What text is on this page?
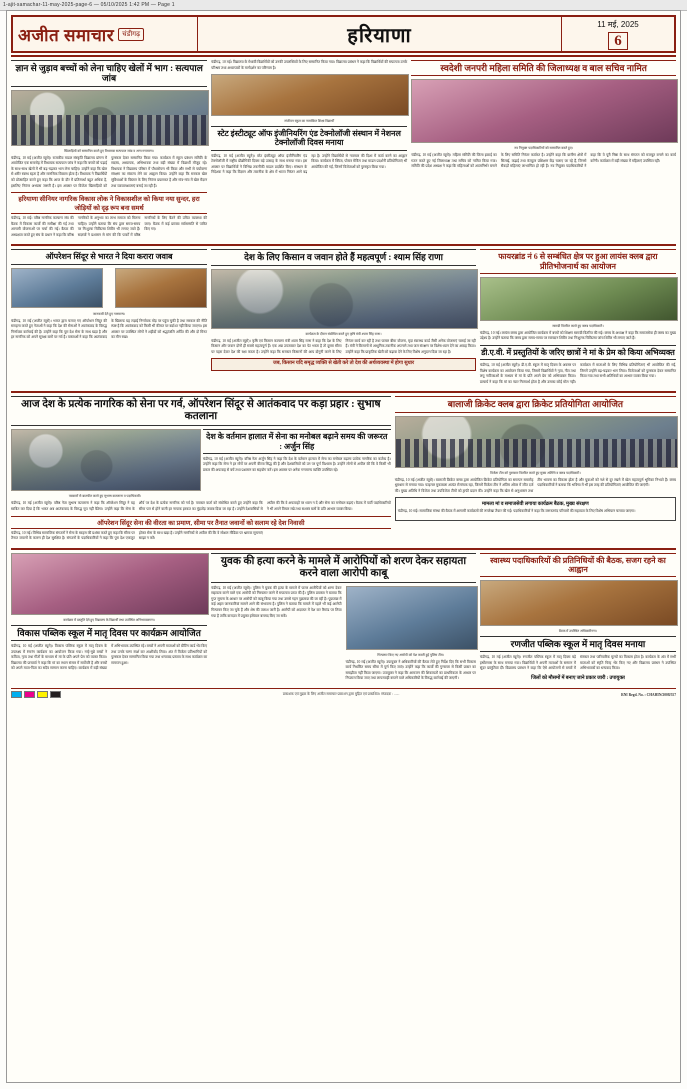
1-ajit-samachar-11-may-2025-page-6 — 05/10/2025 1:42 PM — Page 1
अजीत समाचार	चंडीगढ़	हरियाणा
11 मई, 2025
6
ज्ञान से जुड़ाव बच्चों को लेना चाहिए खेलों में भाग : सत्यपाल जांब
खिलाड़ियों को सम्मानित करते हुए विधायक सत्यपाल जांब व अन्य गणमान्य।
चंडीगढ़, 10 मई (अजीत ब्यूरो)। राजकीय माडल संस्कृति विद्यालय प्रांगण में आयोजित एक समारोह में विधायक सत्यपाल जांब ने कहा कि बच्चों को पढ़ाई के साथ-साथ खेलों में भी बढ़-चढ़कर भाग लेना चाहिए। उन्होंने कहा कि खेल से शरीर स्वस्थ रहता है और मानसिक विकास होता है। विधायक ने विद्यार्थियों को प्रोत्साहित करते हुए कहा कि आज के दौर में प्रतिस्पर्धा बहुत अधिक है, इसलिए निरंतर अभ्यास जरूरी है। इस अवसर पर विजेता खिलाड़ियों को पुरस्कार देकर सम्मानित किया गया। कार्यक्रम में स्कूल प्रबंधन समिति के सदस्य, अध्यापक, अभिभावक तथा बड़ी संख्या में विद्यार्थी मौजूद रहे। विधायक ने विद्यालय परिसर में पौधारोपण भी किया और सभी से पर्यावरण संरक्षण का संकल्प लेने का आह्वान किया। उन्होंने कहा कि सरकार खेल सुविधाओं के विस्तार के लिए निरंतर प्रयासरत है और गांव-गांव में खेल मैदान तथा व्यायामशालाएं बनाई जा रही हैं।
हरियाणा सीनियर नागरिक विकास लोक ने विकासशील को किया नया सुन्दर, हरा जोड़ियों को दृढ़ रूप बना समर्थ
चंडीगढ़, 10 मई। वरिष्ठ नागरिक कल्याण संघ की बैठक में विकास कार्यों की समीक्षा की गई तथा आगामी योजनाओं पर चर्चा की गई। बैठक की अध्यक्षता करते हुए संघ के प्रधान ने कहा कि वरिष्ठ नागरिकों के अनुभव का लाभ समाज को मिलना चाहिए। उन्होंने बताया कि संघ द्वारा समय-समय पर निःशुल्क चिकित्सा शिविर भी लगाए जाते हैं। सदस्यों ने प्रशासन से मांग की कि पार्कों में वरिष्ठ नागरिकों के लिए बैठने की उचित व्यवस्था की जाए। बैठक में कई प्रस्ताव सर्वसम्मति से पारित किए गए।
चंडीगढ़, 10 मई। विद्यालय के मेधावी विद्यार्थियों को उनकी उपलब्धियों के लिए सम्मानित किया गया। विद्यालय प्रबंधन ने कहा कि विद्यार्थियों की सफलता उनके परिश्रम तथा अध्यापकों के मार्गदर्शन का परिणाम है।
संजीवन स्कूल का नामांकित शिक्षा विद्यार्थी
स्टेट इंस्टीट्यूट ऑफ इंजीनियरिंग एंड टेक्नोलॉजी संस्थान में नेशनल टेक्नोलॉजी दिवस मनाया
चंडीगढ़, 10 मई (अजीत ब्यूरो)। स्टेट इंस्टीट्यूट ऑफ इंजीनियरिंग एंड टेक्नोलॉजी में राष्ट्रीय प्रौद्योगिकी दिवस बड़े उत्साह के साथ मनाया गया। इस अवसर पर विद्यार्थियों ने विभिन्न तकनीकी माडल प्रदर्शित किए। संस्थान के निदेशक ने कहा कि विज्ञान और तकनीक के क्षेत्र में भारत निरंतर आगे बढ़ रहा है। उन्होंने विद्यार्थियों से नवाचार की दिशा में कार्य करने का आह्वान किया। कार्यक्रम में क्विज, पोस्टर मेकिंग तथा माडल प्रदर्शनी प्रतियोगिताएं भी आयोजित की गईं, जिनमें विजेताओं को पुरस्कृत किया गया।
स्वदेशी जनपरी महिला समिति की जिलाध्यक्ष व बाल सचिव नामित
नव नियुक्त पदाधिकारियों को सम्मानित करते हुए।
चंडीगढ़, 10 मई (अजीत ब्यूरो)। महिला समिति की जिला इकाई का गठन करते हुए नई जिलाध्यक्ष तथा सचिव को नामित किया गया। समिति की प्रदेश अध्यक्ष ने कहा कि महिलाओं को आत्मनिर्भर बनाने के लिए समिति निरंतर कार्यरत है। उन्होंने कहा कि ग्रामीण क्षेत्रों में सिलाई, कढ़ाई तथा कंप्यूटर प्रशिक्षण केंद्र चलाए जा रहे हैं, जिनसे सैकड़ों महिलाएं लाभान्वित हो रही हैं। नव नियुक्त पदाधिकारियों ने कहा कि वे पूरी निष्ठा के साथ संगठन को मजबूत बनाने का कार्य करेंगी। कार्यक्रम में बड़ी संख्या में महिलाएं उपस्थित रहीं।
ऑपरेशन सिंदूर से भारत ने दिया करारा जवाब
जानकारी देते हुए गणमान्य।
चंडीगढ़, 10 मई (अजीत ब्यूरो)। भारत द्वारा चलाए गए ऑपरेशन सिंदूर की सराहना करते हुए नेताओं ने कहा कि देश की सेनाओं ने आतंकवाद के विरुद्ध निर्णायक कार्रवाई की है। उन्होंने कहा कि पूरा देश सेना के साथ खड़ा है और हर नागरिक को अपने सुरक्षा बलों पर गर्व है। वक्ताओं ने कहा कि आतंकवाद के खिलाफ यह लड़ाई निर्णायक मोड़ पर पहुंच चुकी है तथा सरकार की नीति स्पष्ट है कि आतंकवाद को किसी भी कीमत पर बर्दाश्त नहीं किया जाएगा। इस अवसर पर उपस्थित लोगों ने शहीदों को श्रद्धांजलि अर्पित की और दो मिनट का मौन रखा।
देश के लिए किसान व जवान होते हैं महत्वपूर्ण : श्याम सिंह राणा
कार्यक्रम के दौरान संबोधित करते हुए कृषि मंत्री श्याम सिंह राणा।
चंडीगढ़, 10 मई (अजीत ब्यूरो)। कृषि एवं किसान कल्याण मंत्री श्याम सिंह राणा ने कहा कि देश के लिए किसान और जवान दोनों ही सबसे महत्वपूर्ण हैं। एक अन्न उपजाकर देश का पेट भरता है तो दूसरा सीमा पर पहरा देकर देश की रक्षा करता है। उन्होंने कहा कि सरकार किसानों की आय दोगुनी करने के लिए निरंतर कार्य कर रही है तथा फसल बीमा योजना, मृदा स्वास्थ्य कार्ड जैसी अनेक योजनाएं चलाई जा रही हैं। मंत्री ने किसानों से आधुनिक तकनीक अपनाने तथा जल संरक्षण पर विशेष ध्यान देने का आग्रह किया। उन्होंने कहा कि प्राकृतिक खेती को बढ़ावा देने के लिए विशेष अनुदान दिया जा रहा है।
जब, किसान यदि समृद्ध व्यक्ति से खेती करे तो देश की अर्थव्यवस्था में होगा सुधार
फायरब्रांड नं 6 से सम्बंधित क्षेत्र पर हुआ लायंस क्लब द्वारा प्रीतिभोजनार्थ का आयोजन
सामग्री वितरित करते हुए क्लब पदाधिकारी।
चंडीगढ़, 10 मई। लायंस क्लब द्वारा आयोजित कार्यक्रम में बच्चों को शिक्षण सामग्री वितरित की गई। क्लब के अध्यक्ष ने कहा कि समाजसेवा ही क्लब का मुख्य उद्देश्य है। उन्होंने बताया कि क्लब द्वारा समय-समय पर रक्तदान शिविर तथा निःशुल्क चिकित्सा जांच शिविर भी लगाए जाते हैं।
डी.ए.वी. में प्रस्तुतियों के जरिए छात्रों ने मां के प्रेम को किया अभिव्यक्त
चंडीगढ़, 10 मई (अजीत ब्यूरो)। डी.ए.वी. स्कूल में मातृ दिवस के अवसर पर विशेष कार्यक्रम का आयोजन किया गया, जिसमें विद्यार्थियों ने नृत्य, गीत तथा लघु नाटिकाओं के माध्यम से मां के प्रति अपने प्रेम को अभिव्यक्त किया। प्राचार्य ने कहा कि मां का प्यार निःस्वार्थ होता है और उसका कोई मोल नहीं। कार्यक्रम में माताओं के लिए विभिन्न प्रतियोगिताएं भी आयोजित की गईं, जिनमें उन्होंने बढ़-चढ़कर भाग लिया। विजेताओं को पुरस्कार देकर सम्मानित किया गया तथा सभी अतिथियों का आभार व्यक्त किया गया।
आज देश के प्रत्येक नागरिक को सेना पर गर्व, ऑपरेशन सिंदूर से आतंकवाद पर कड़ा प्रहार : सुभाष कतलाना
पत्रकारों से बातचीत करते हुए सुभाष कतलाना व पदाधिकारी।
देश के वर्तमान हालात में सेना का मनोबल बढ़ाने समय की जरूरत : अर्जुन सिंह
चंडीगढ़, 10 मई (अजीत ब्यूरो)। वरिष्ठ नेता अर्जुन सिंह ने कहा कि देश के वर्तमान हालात में सेना का मनोबल बढ़ाना प्रत्येक नागरिक का कर्तव्य है। उन्होंने कहा कि सेना ने हर मोर्चे पर अपनी वीरता सिद्ध की है और देशवासियों को उन पर पूर्ण विश्वास है। उन्होंने लोगों से अपील की कि वे किसी भी प्रकार की अफवाह से बचें तथा प्रशासन का सहयोग करें। इस अवसर पर अनेक गणमान्य व्यक्ति उपस्थित रहे।
चंडीगढ़, 10 मई (अजीत ब्यूरो)। वरिष्ठ नेता सुभाष कतलाना ने कहा कि ऑपरेशन सिंदूर ने यह साबित कर दिया है कि भारत अब आतंकवाद के विरुद्ध चुप नहीं बैठेगा। उन्होंने कहा कि सेना के शौर्य पर देश के प्रत्येक नागरिक को गर्व है। पत्रकार वार्ता को संबोधित करते हुए उन्होंने कहा कि सीमा पार से होने वाली हर नापाक हरकत का मुंहतोड़ जवाब दिया जा रहा है। उन्होंने देशवासियों से अपील की कि वे अफवाहों पर ध्यान न दें और सेना का मनोबल बढ़ाएं। बैठक में पार्टी पदाधिकारियों ने भी अपने विचार रखे तथा सशस्त्र बलों के प्रति आभार व्यक्त किया।
ऑपरेशन सिंदूर सेना की वीरता का प्रमाण, सीमा पर तैनात जवानों को सलाम रहे देश निवासी
चंडीगढ़, 10 मई। विभिन्न सामाजिक संगठनों ने सेना के साहस की प्रशंसा करते हुए कहा कि सीमा पर तैनात जवानों के कारण ही देश सुरक्षित है। संगठनों के पदाधिकारियों ने कहा कि पूरा देश एकजुट होकर सेना के साथ खड़ा है। उन्होंने नागरिकों से अपील की कि वे सोशल मीडिया पर भ्रामक सूचनाएं साझा न करें।
बालाजी क्रिकेट क्लब द्वारा क्रिकेट प्रतियोगिता आयोजित
विजेता टीम को पुरस्कार वितरित करते हुए मुख्य अतिथि व क्लब पदाधिकारी।
चंडीगढ़, 10 मई (अजीत ब्यूरो)। बालाजी क्रिकेट क्लब द्वारा आयोजित क्रिकेट प्रतियोगिता का समापन समारोह धूमधाम से मनाया गया। फाइनल मुकाबला अत्यंत रोमांचक रहा, जिसमें विजेता टीम ने अंतिम ओवर में जीत दर्ज की। मुख्य अतिथि ने विजेता तथा उपविजेता टीमों को ट्राफी प्रदान की। उन्होंने कहा कि खेल से अनुशासन तथा टीम भावना का विकास होता है और युवाओं को नशे से दूर रखने में खेल महत्वपूर्ण भूमिका निभाते हैं। क्लब पदाधिकारियों ने बताया कि भविष्य में भी इस तरह की प्रतियोगिताएं आयोजित की जाएंगी।
मामला मां व समाजसेवी लगाया कार्यक्रम बैठक, मुख्य संरक्षण
चंडीगढ़, 10 मई। सामाजिक संस्था की बैठक में आगामी कार्यक्रमों की रूपरेखा तैयार की गई। पदाधिकारियों ने कहा कि जरूरतमंद परिवारों की सहायता के लिए विशेष अभियान चलाया जाएगा।
कार्यक्रम में प्रस्तुति देते हुए विद्यालय के विद्यार्थी तथा उपस्थित अभिभावकगण।
विकास पब्लिक स्कूल में मातृ दिवस पर कार्यक्रम आयोजित
चंडीगढ़, 10 मई (अजीत ब्यूरो)। विकास पब्लिक स्कूल में मातृ दिवस के उपलक्ष्य में रंगारंग कार्यक्रम का आयोजन किया गया। नन्हे-मुन्ने बच्चों ने कविता, नृत्य तथा गीतों के माध्यम से मां के प्रति अपने प्रेम को व्यक्त किया। विद्यालय की प्राचार्या ने कहा कि मां का स्थान संसार में सर्वोपरि है और बच्चों को अपने माता-पिता का सदैव सम्मान करना चाहिए। कार्यक्रम में बड़ी संख्या में अभिभावक उपस्थित रहे। बच्चों ने अपनी माताओं को ग्रीटिंग कार्ड भेंट किए तथा उनके चरण स्पर्श कर आशीर्वाद लिया। अंत में विजेता प्रतिभागियों को पुरस्कार देकर सम्मानित किया गया तथा धन्यवाद प्रस्ताव के साथ कार्यक्रम का समापन हुआ।
युवक की हत्या करने के मामले में आरोपियों को शरण देकर सहायता करने वाला आरोपी काबू
चंडीगढ़, 10 मई (अजीत ब्यूरो)। पुलिस ने युवक की हत्या के मामले में फरार आरोपियों को शरण देकर सहायता करने वाले एक आरोपी को गिरफ्तार करने में सफलता प्राप्त की है। पुलिस प्रवक्ता ने बताया कि गुप्त सूचना के आधार पर आरोपी को काबू किया गया तथा उससे गहन पूछताछ की जा रही है। पूछताछ में कई अहम जानकारियां सामने आने की संभावना है। पुलिस ने बताया कि मामले में पहले भी कई आरोपी गिरफ्तार किए जा चुके हैं और शेष की तलाश जारी है। आरोपी को अदालत में पेश कर रिमांड पर लिया गया है ताकि वारदात में प्रयुक्त हथियार बरामद किए जा सकें।
गिरफ्तार किए गए आरोपी को पेश करती हुई पुलिस टीम।
चंडीगढ़, 10 मई (अजीत ब्यूरो)। उपायुक्त ने अधिकारियों की बैठक लेते हुए निर्देश दिए कि सभी विकास कार्य निर्धारित समय सीमा में पूर्ण किए जाएं। उन्होंने कहा कि कार्यों की गुणवत्ता से किसी प्रकार का समझौता नहीं किया जाएगा। उपायुक्त ने कहा कि आमजन की शिकायतों का प्राथमिकता के आधार पर निपटारा किया जाए तथा लापरवाही बरतने वाले अधिकारियों के विरुद्ध कार्रवाई की जाएगी।
स्वास्थ्य पदाधिकारियों की प्रतिनिधियों की बैठक, सजग रहने का आह्वान
बैठक में उपस्थित अधिकारीगण।
रणजीत पब्लिक स्कूल में मातृ दिवस मनाया
चंडीगढ़, 10 मई (अजीत ब्यूरो)। रणजीत पब्लिक स्कूल में मातृ दिवस बड़े हर्षोल्लास के साथ मनाया गया। विद्यार्थियों ने अपनी माताओं के सम्मान में सुंदर प्रस्तुतियां दीं। विद्यालय प्रबंधन ने कहा कि ऐसे आयोजनों से बच्चों में संस्कार तथा पारिवारिक मूल्यों का विकास होता है। कार्यक्रम के अंत में सभी माताओं को स्मृति चिन्ह भेंट किए गए और विद्यालय प्रबंधन ने उपस्थित अभिभावकों का धन्यवाद किया।
जिलों को मौसमों में बनाए जाने प्रकार जारी : उपायुक्त
प्रकाशक एवं मुद्रक के लिए अजीत समाचार प्रकाशन द्वारा मुद्रित एवं प्रकाशित। संपादक : ......	RNI Regd. No. : CHAHIN/2008/557
